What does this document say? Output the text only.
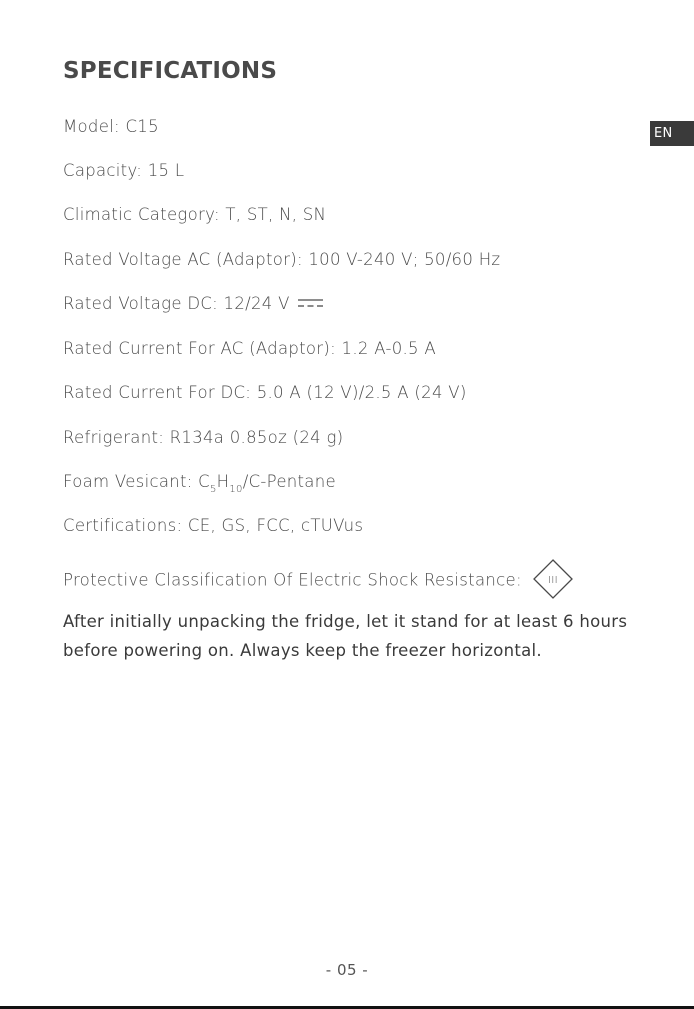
SPECIFICATIONS
EN
Model: C15
Capacity: 15 L
Climatic Category: T, ST, N, SN
Rated Voltage AC (Adaptor): 100 V-240 V; 50/60 Hz
Rated Voltage DC: 12/24 V
Rated Current For AC (Adaptor): 1.2 A-0.5 A
Rated Current For DC: 5.0 A (12 V)/2.5 A (24 V)
Refrigerant: R134a 0.85oz (24 g)
Foam Vesicant: $C_5H_{10}/C$-Pentane
Certifications: CE, GS, FCC, cTUVus
Protective Classification Of Electric Shock Resistance:	III

After initially unpacking the fridge, let it stand for at least 6 hours before powering on. Always keep the freezer horizontal.

- 05 -
